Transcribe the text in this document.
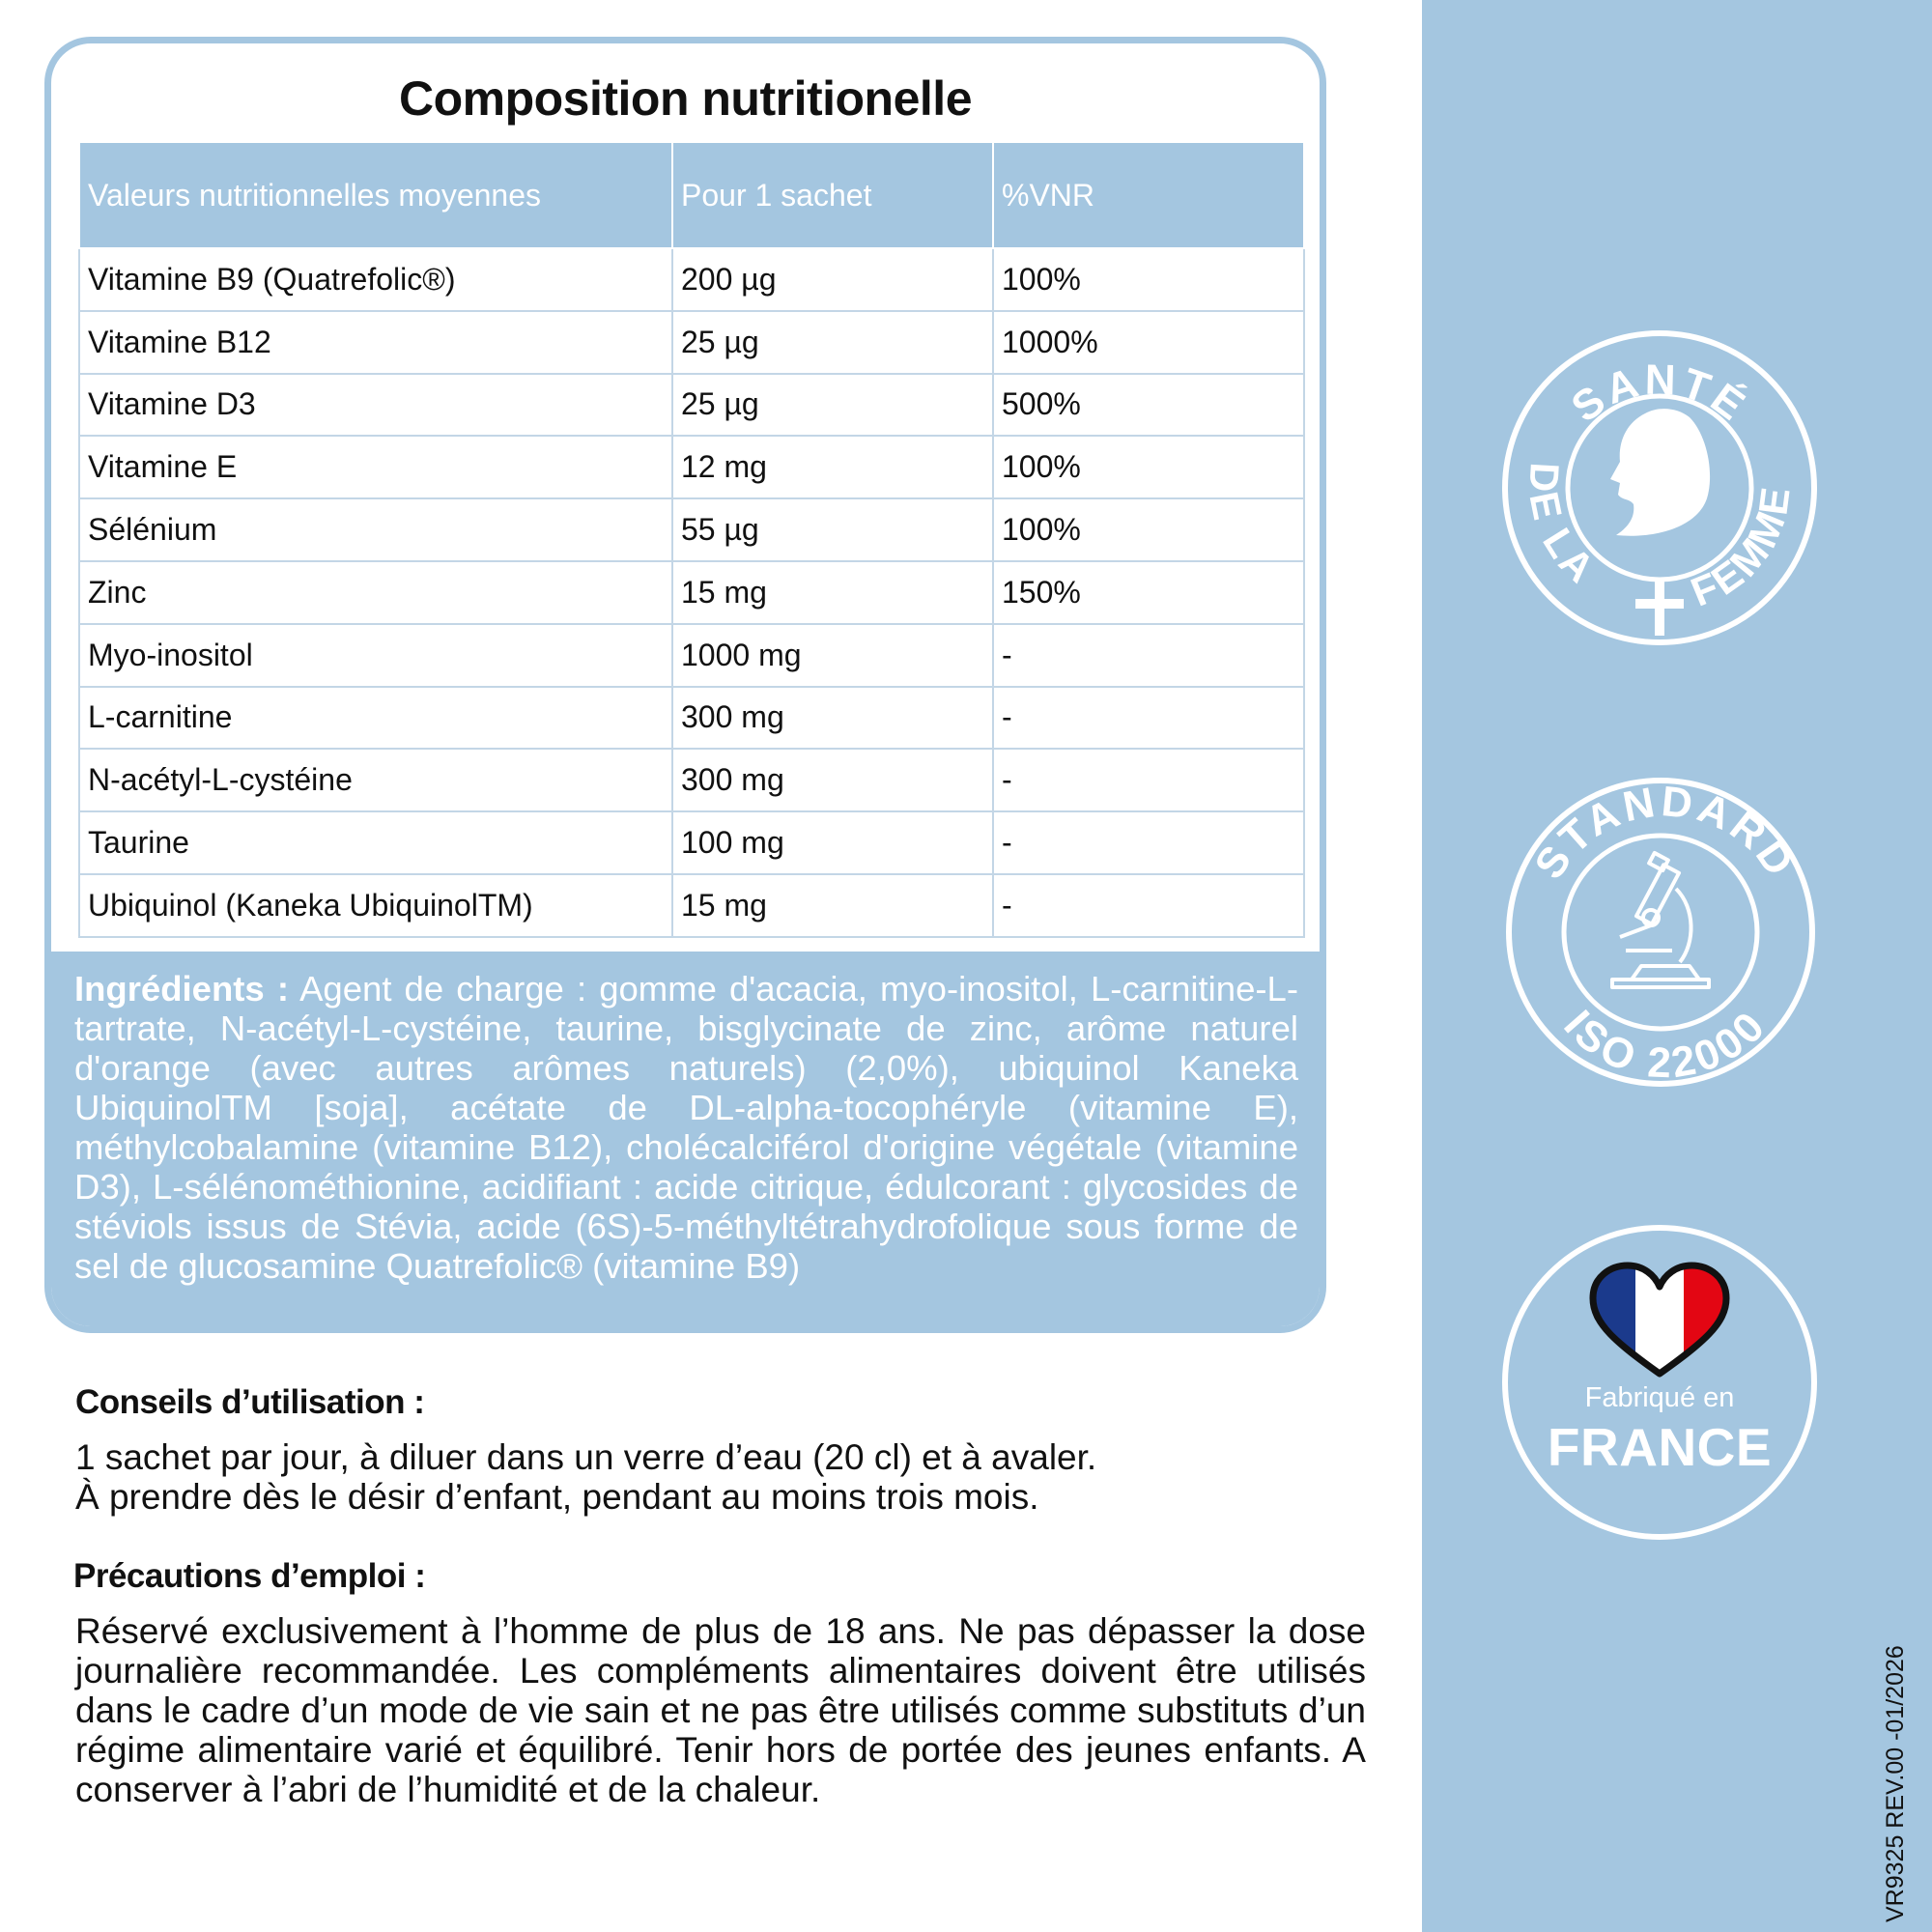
Composition nutritionelle
Valeurs nutritionnelles moyennes	Pour 1 sachet	%VNR
Vitamine B9 (Quatrefolic®)	200 µg	100%
Vitamine B12	25 µg	1000%
Vitamine D3	25 µg	500%
Vitamine E	12 mg	100%
Sélénium	55 µg	100%
Zinc	15 mg	150%
Myo-inositol	1000 mg	-
L-carnitine	300 mg	-
N-acétyl-L-cystéine	300 mg	-
Taurine	100 mg	-
Ubiquinol (Kaneka UbiquinolTM)	15 mg	-
Ingrédients : Agent de charge : gomme d'acacia, myo-inositol, L-carnitine-L-tartrate, N-acétyl-L-cystéine, taurine, bisglycinate de zinc, arôme naturel d'orange (avec autres arômes naturels) (2,0%), ubiquinol Kaneka UbiquinolTM [soja], acétate de DL-alpha-tocophéryle (vitamine E), méthylcobalamine (vitamine B12), cholécalciférol d'origine végétale (vitamine D3), L-sélénométhionine, acidifiant : acide citrique, édulcorant : glycosides de stéviols issus de Stévia, acide (6S)-5-méthyltétrahydrofolique sous forme de sel de glucosamine Quatrefolic® (vitamine B9)
Conseils d’utilisation :
1 sachet par jour, à diluer dans un verre d’eau (20 cl) et à avaler.
À prendre dès le désir d’enfant, pendant au moins trois mois.
Précautions d’emploi :
Réservé exclusivement à l’homme de plus de 18 ans. Ne pas dépasser la dose journalière recommandée. Les compléments alimentaires doivent être utilisés dans le cadre d’un mode de vie sain et ne pas être utilisés comme substituts d’un régime alimentaire varié et équilibré. Tenir hors de portée des jeunes enfants. A conserver à l’abri de l’humidité et de la chaleur.
SANTÉ
DE LA FEMME
STANDARD
ISO 22000
Fabriqué en
FRANCE
VR9325 REV.00 -01/2026
